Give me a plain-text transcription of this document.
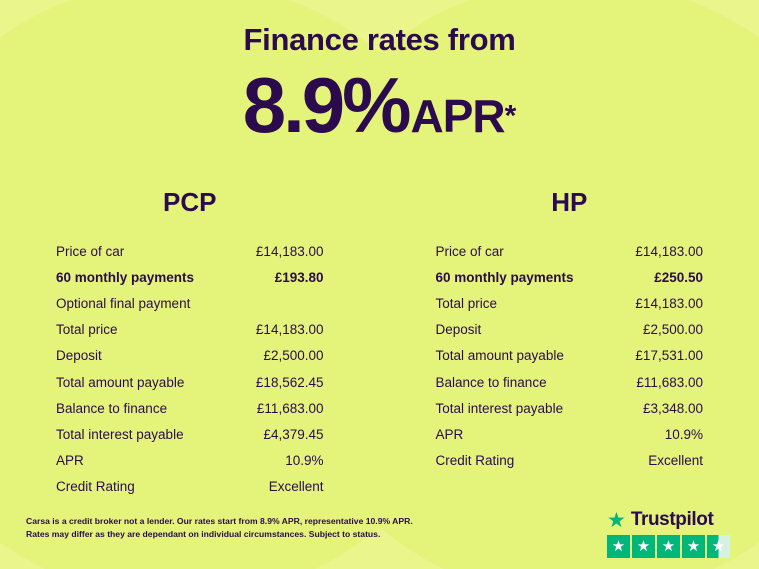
Finance rates from
8.9%APR*
PCP
Price of car	£14,183.00
60 monthly payments	£193.80
Optional final payment
Total price	£14,183.00
Deposit	£2,500.00
Total amount payable	£18,562.45
Balance to finance	£11,683.00
Total interest payable	£4,379.45
APR	10.9%
Credit Rating	Excellent
HP
Price of car	£14,183.00
60 monthly payments	£250.50
Total price	£14,183.00
Deposit	£2,500.00
Total amount payable	£17,531.00
Balance to finance	£11,683.00
Total interest payable	£3,348.00
APR	10.9%
Credit Rating	Excellent
Carsa is a credit broker not a lender. Our rates start from 8.9% APR, representative 10.9% APR.
Rates may differ as they are dependant on individual circumstances. Subject to status.
★ Trustpilot
★ ★ ★ ★ ★
